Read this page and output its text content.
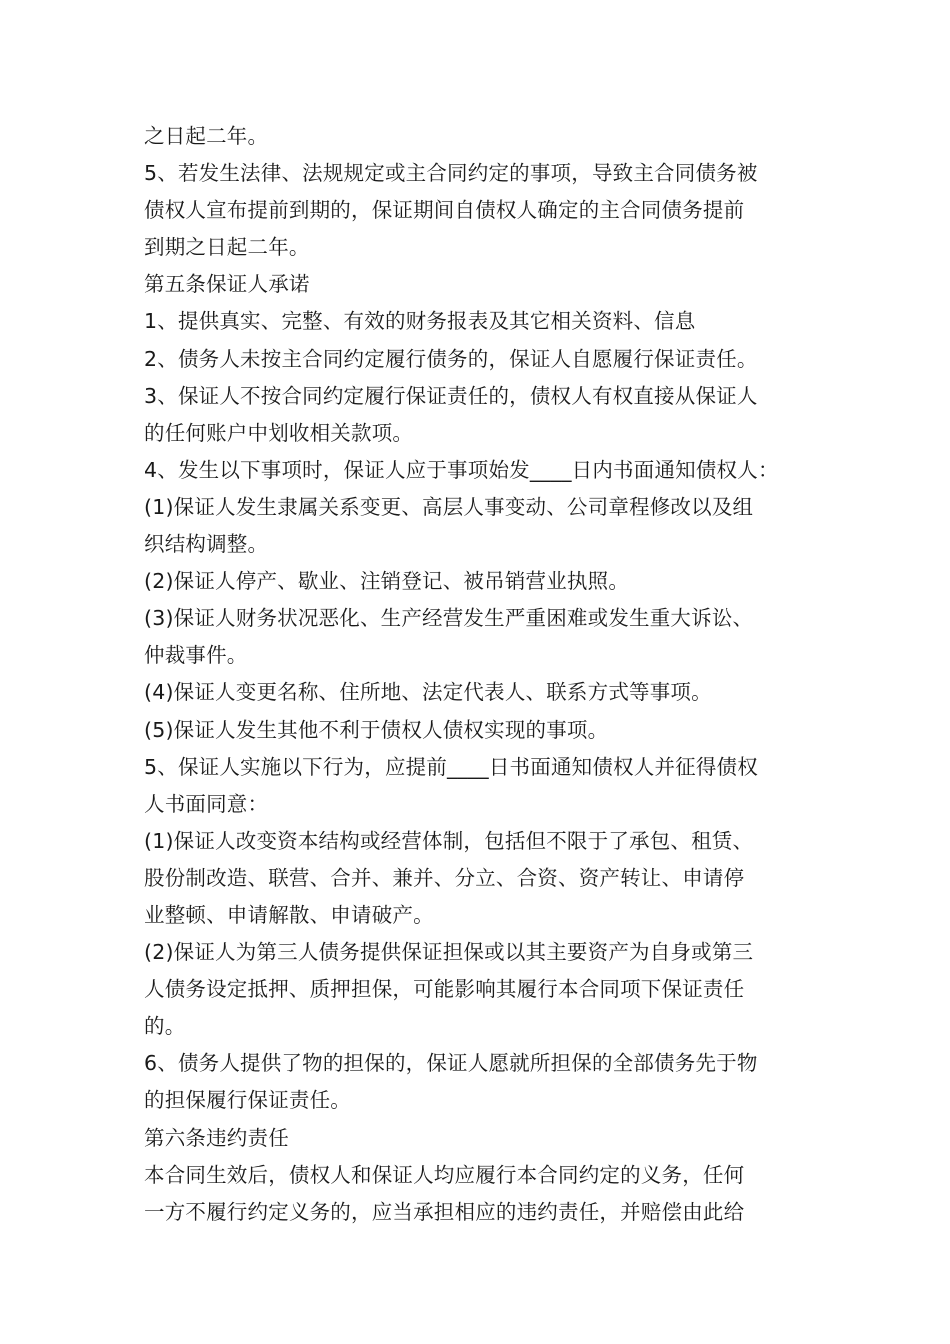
之日起二年。
5、若发生法律、法规规定或主合同约定的事项，导致主合同债务被
债权人宣布提前到期的，保证期间自债权人确定的主合同债务提前
到期之日起二年。
第五条保证人承诺
1、提供真实、完整、有效的财务报表及其它相关资料、信息
2、债务人未按主合同约定履行债务的，保证人自愿履行保证责任。
3、保证人不按合同约定履行保证责任的，债权人有权直接从保证人
的任何账户中划收相关款项。
4、发生以下事项时，保证人应于事项始发____日内书面通知债权人：
(1)保证人发生隶属关系变更、高层人事变动、公司章程修改以及组
织结构调整。
(2)保证人停产、歇业、注销登记、被吊销营业执照。
(3)保证人财务状况恶化、生产经营发生严重困难或发生重大诉讼、
仲裁事件。
(4)保证人变更名称、住所地、法定代表人、联系方式等事项。
(5)保证人发生其他不利于债权人债权实现的事项。
5、保证人实施以下行为，应提前____日书面通知债权人并征得债权
人书面同意：
(1)保证人改变资本结构或经营体制，包括但不限于了承包、租赁、
股份制改造、联营、合并、兼并、分立、合资、资产转让、申请停
业整顿、申请解散、申请破产。
(2)保证人为第三人债务提供保证担保或以其主要资产为自身或第三
人债务设定抵押、质押担保，可能影响其履行本合同项下保证责任
的。
6、债务人提供了物的担保的，保证人愿就所担保的全部债务先于物
的担保履行保证责任。
第六条违约责任
本合同生效后，债权人和保证人均应履行本合同约定的义务，任何
一方不履行约定义务的，应当承担相应的违约责任，并赔偿由此给
